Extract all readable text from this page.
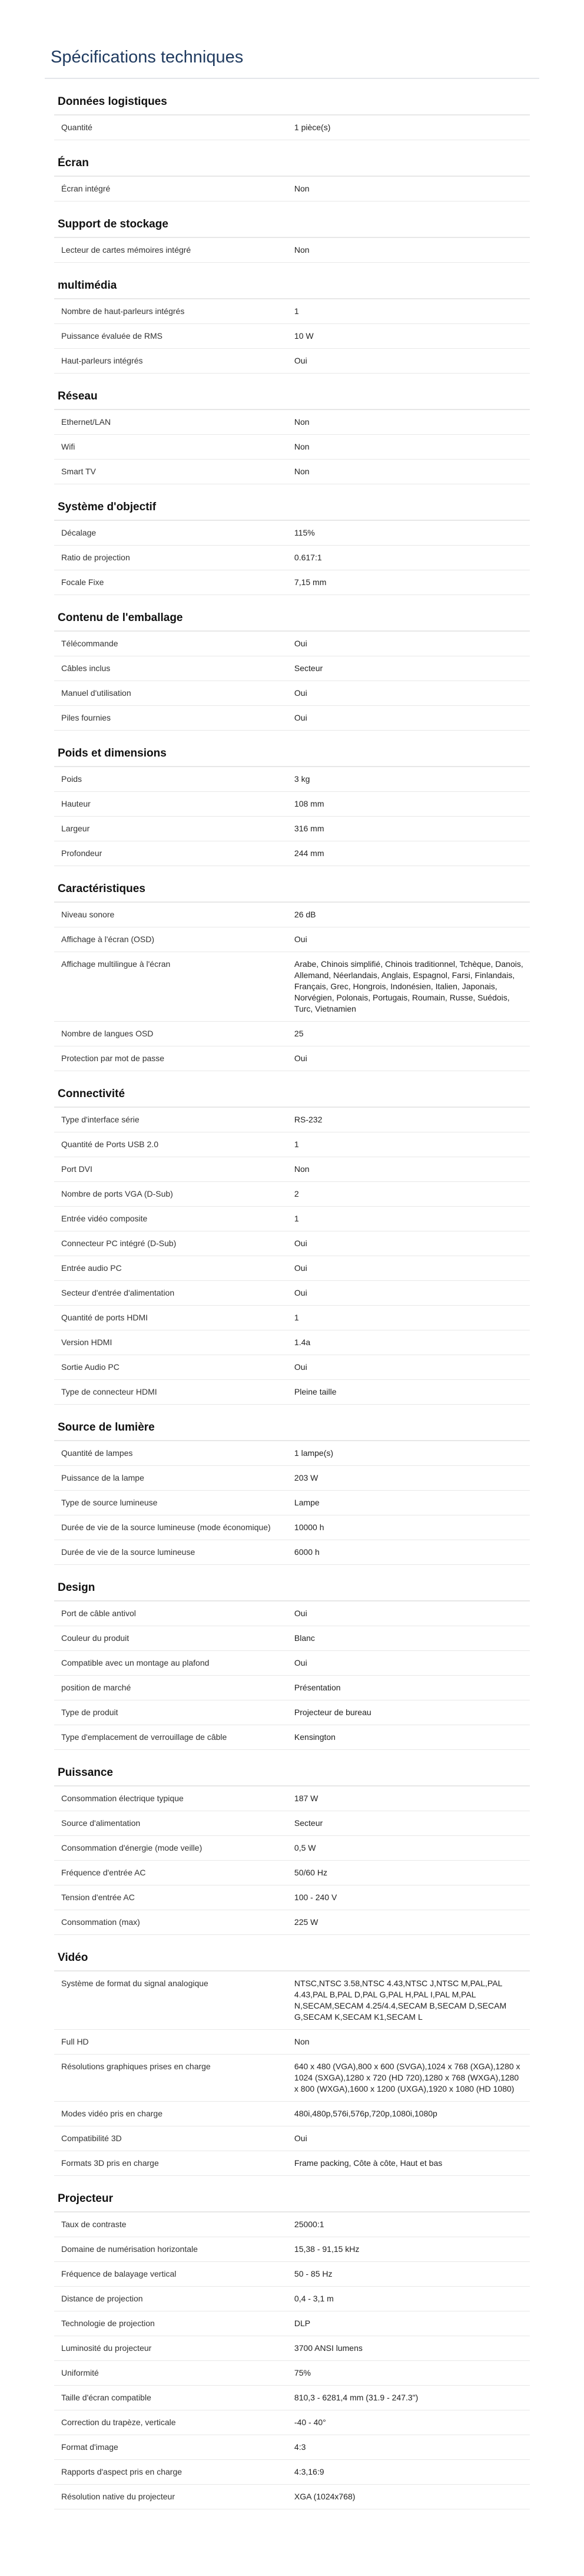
Spécifications techniques
Données logistiques
Quantité	1 pièce(s)
Écran
Écran intégré	Non
Support de stockage
Lecteur de cartes mémoires intégré	Non
multimédia
Nombre de haut-parleurs intégrés	1
Puissance évaluée de RMS	10 W
Haut-parleurs intégrés	Oui
Réseau
Ethernet/LAN	Non
Wifi	Non
Smart TV	Non
Système d'objectif
Décalage	115%
Ratio de projection	0.617:1
Focale Fixe	7,15 mm
Contenu de l'emballage
Télécommande	Oui
Câbles inclus	Secteur
Manuel d'utilisation	Oui
Piles fournies	Oui
Poids et dimensions
Poids	3 kg
Hauteur	108 mm
Largeur	316 mm
Profondeur	244 mm
Caractéristiques
Niveau sonore	26 dB
Affichage à l'écran (OSD)	Oui
Affichage multilingue à l'écran	Arabe, Chinois simplifié, Chinois traditionnel, Tchèque, Danois, Allemand, Néerlandais, Anglais, Espagnol, Farsi, Finlandais, Français, Grec, Hongrois, Indonésien, Italien, Japonais, Norvégien, Polonais, Portugais, Roumain, Russe, Suédois, Turc, Vietnamien
Nombre de langues OSD	25
Protection par mot de passe	Oui
Connectivité
Type d'interface série	RS-232
Quantité de Ports USB 2.0	1
Port DVI	Non
Nombre de ports VGA (D-Sub)	2
Entrée vidéo composite	1
Connecteur PC intégré (D-Sub)	Oui
Entrée audio PC	Oui
Secteur d'entrée d'alimentation	Oui
Quantité de ports HDMI	1
Version HDMI	1.4a
Sortie Audio PC	Oui
Type de connecteur HDMI	Pleine taille
Source de lumière
Quantité de lampes	1 lampe(s)
Puissance de la lampe	203 W
Type de source lumineuse	Lampe
Durée de vie de la source lumineuse (mode économique)	10000 h
Durée de vie de la source lumineuse	6000 h
Design
Port de câble antivol	Oui
Couleur du produit	Blanc
Compatible avec un montage au plafond	Oui
position de marché	Présentation
Type de produit	Projecteur de bureau
Type d'emplacement de verrouillage de câble	Kensington
Puissance
Consommation électrique typique	187 W
Source d'alimentation	Secteur
Consommation d'énergie (mode veille)	0,5 W
Fréquence d'entrée AC	50/60 Hz
Tension d'entrée AC	100 - 240 V
Consommation (max)	225 W
Vidéo
Système de format du signal analogique	NTSC,NTSC 3.58,NTSC 4.43,NTSC J,NTSC M,PAL,PAL 4.43,PAL B,PAL D,PAL G,PAL H,PAL I,PAL M,PAL N,SECAM,SECAM 4.25/4.4,SECAM B,SECAM D,SECAM G,SECAM K,SECAM K1,SECAM L
Full HD	Non
Résolutions graphiques prises en charge	640 x 480 (VGA),800 x 600 (SVGA),1024 x 768 (XGA),1280 x 1024 (SXGA),1280 x 720 (HD 720),1280 x 768 (WXGA),1280 x 800 (WXGA),1600 x 1200 (UXGA),1920 x 1080 (HD 1080)
Modes vidéo pris en charge	480i,480p,576i,576p,720p,1080i,1080p
Compatibilité 3D	Oui
Formats 3D pris en charge	Frame packing, Côte à côte, Haut et bas
Projecteur
Taux de contraste	25000:1
Domaine de numérisation horizontale	15,38 - 91,15 kHz
Fréquence de balayage vertical	50 - 85 Hz
Distance de projection	0,4 - 3,1 m
Technologie de projection	DLP
Luminosité du projecteur	3700 ANSI lumens
Uniformité	75%
Taille d'écran compatible	810,3 - 6281,4 mm (31.9 - 247.3")
Correction du trapèze, verticale	-40 - 40°
Format d'image	4:3
Rapports d'aspect pris en charge	4:3,16:9
Résolution native du projecteur	XGA (1024x768)
